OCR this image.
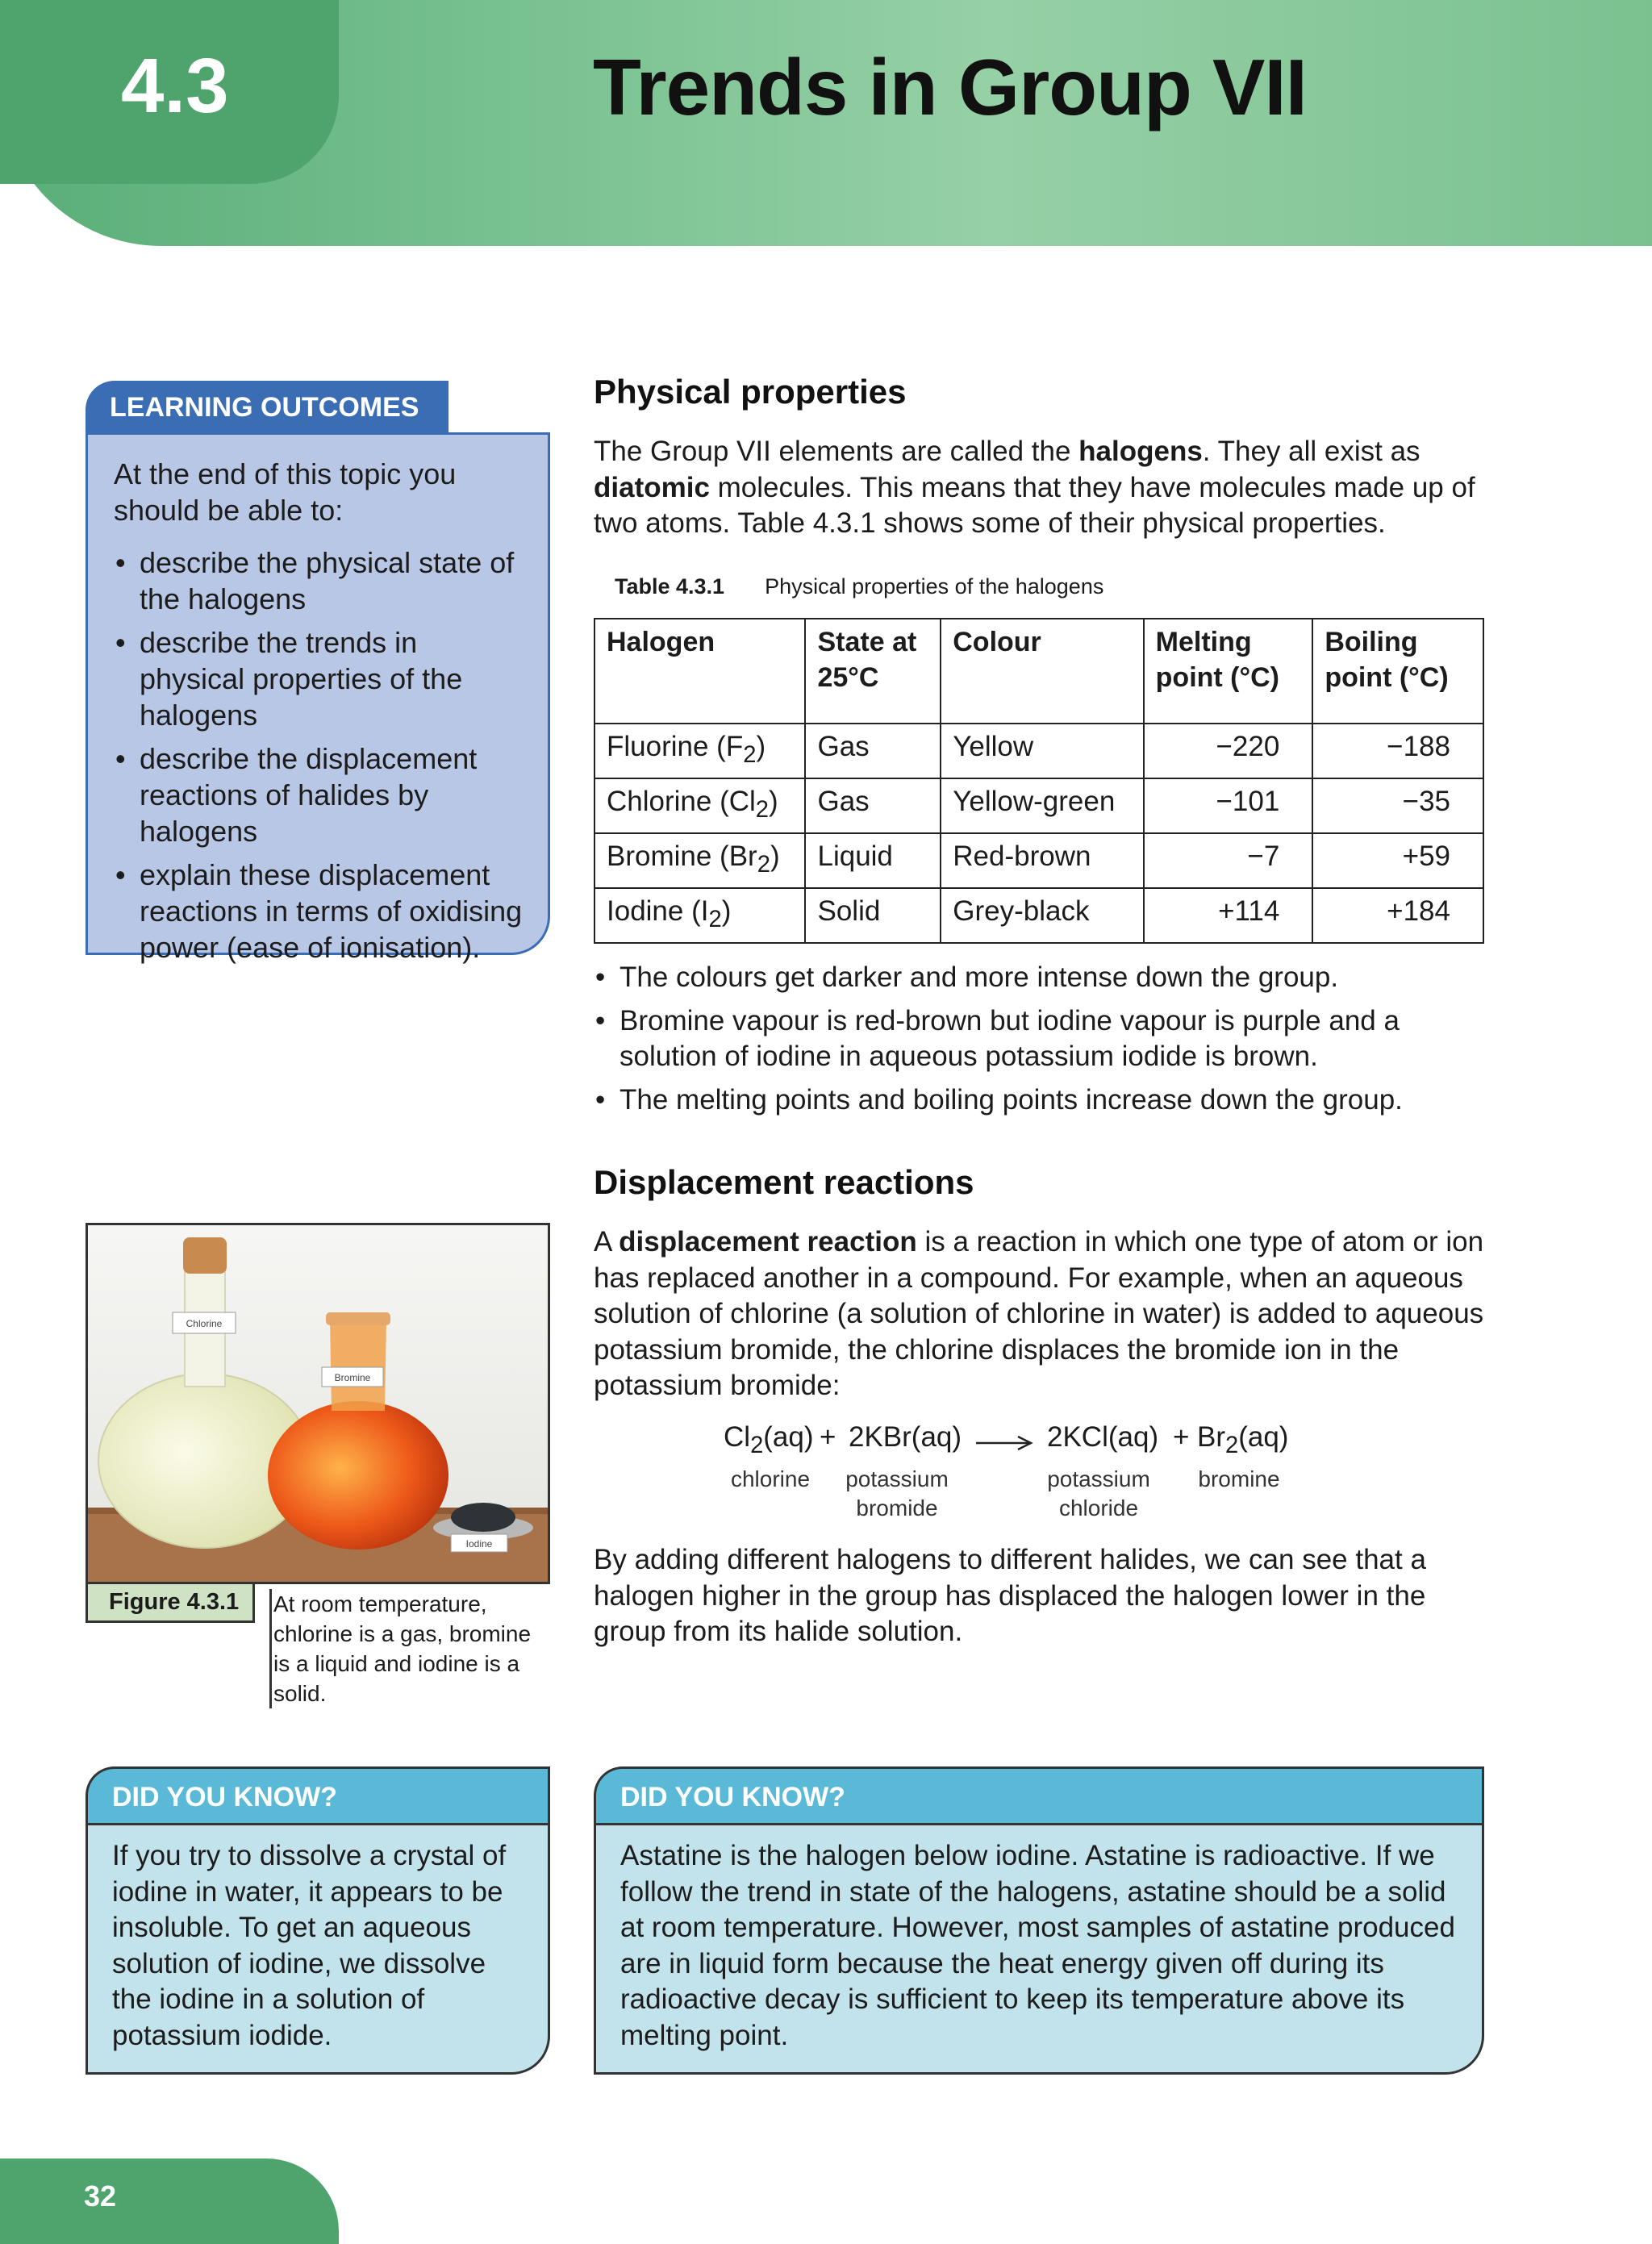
4.3	Trends in Group VII
LEARNING OUTCOMES

At the end of this topic you should be able to:

• describe the physical state of the halogens
• describe the trends in physical properties of the halogens
• describe the displacement reactions of halides by halogens
• explain these displacement reactions in terms of oxidising power (ease of ionisation).
Physical properties
The Group VII elements are called the halogens. They all exist as diatomic molecules. This means that they have molecules made up of two atoms. Table 4.3.1 shows some of their physical properties.
Table 4.3.1 Physical properties of the halogens
Halogen	State at 25°C	Colour	Melting point (°C)	Boiling point (°C)
Fluorine $(F_2)$	Gas	Yellow	−220	−188
Chlorine $(Cl_2)$	Gas	Yellow-green	−101	−35
Bromine $(Br_2)$	Liquid	Red-brown	−7	+59
Iodine $(I_2)$	Solid	Grey-black	+114	+184
• The colours get darker and more intense down the group.
• Bromine vapour is red-brown but iodine vapour is purple and a solution of iodine in aqueous potassium iodide is brown.
• The melting points and boiling points increase down the group.
Displacement reactions
A displacement reaction is a reaction in which one type of atom or ion has replaced another in a compound. For example, when an aqueous solution of chlorine (a solution of chlorine in water) is added to aqueous potassium bromide, the chlorine displaces the bromide ion in the potassium bromide:
$Cl_2(aq) + 2KBr(aq)$	$2KCl(aq) + Br_2(aq)$
chlorine	potassium
bromide
potassium
chloride
bromine
By adding different halogens to different halides, we can see that a halogen higher in the group has displaced the halogen lower in the group from its halide solution.
Chlorine
Bromine
Iodine
Figure 4.3.1	At room temperature, chlorine is a gas, bromine is a liquid and iodine is a solid.
DID YOU KNOW?
If you try to dissolve a crystal of iodine in water, it appears to be insoluble. To get an aqueous solution of iodine, we dissolve the iodine in a solution of potassium iodide.
DID YOU KNOW?
Astatine is the halogen below iodine. Astatine is radioactive. If we follow the trend in state of the halogens, astatine should be a solid at room temperature. However, most samples of astatine produced are in liquid form because the heat energy given off during its radioactive decay is sufficient to keep its temperature above its melting point.
32
